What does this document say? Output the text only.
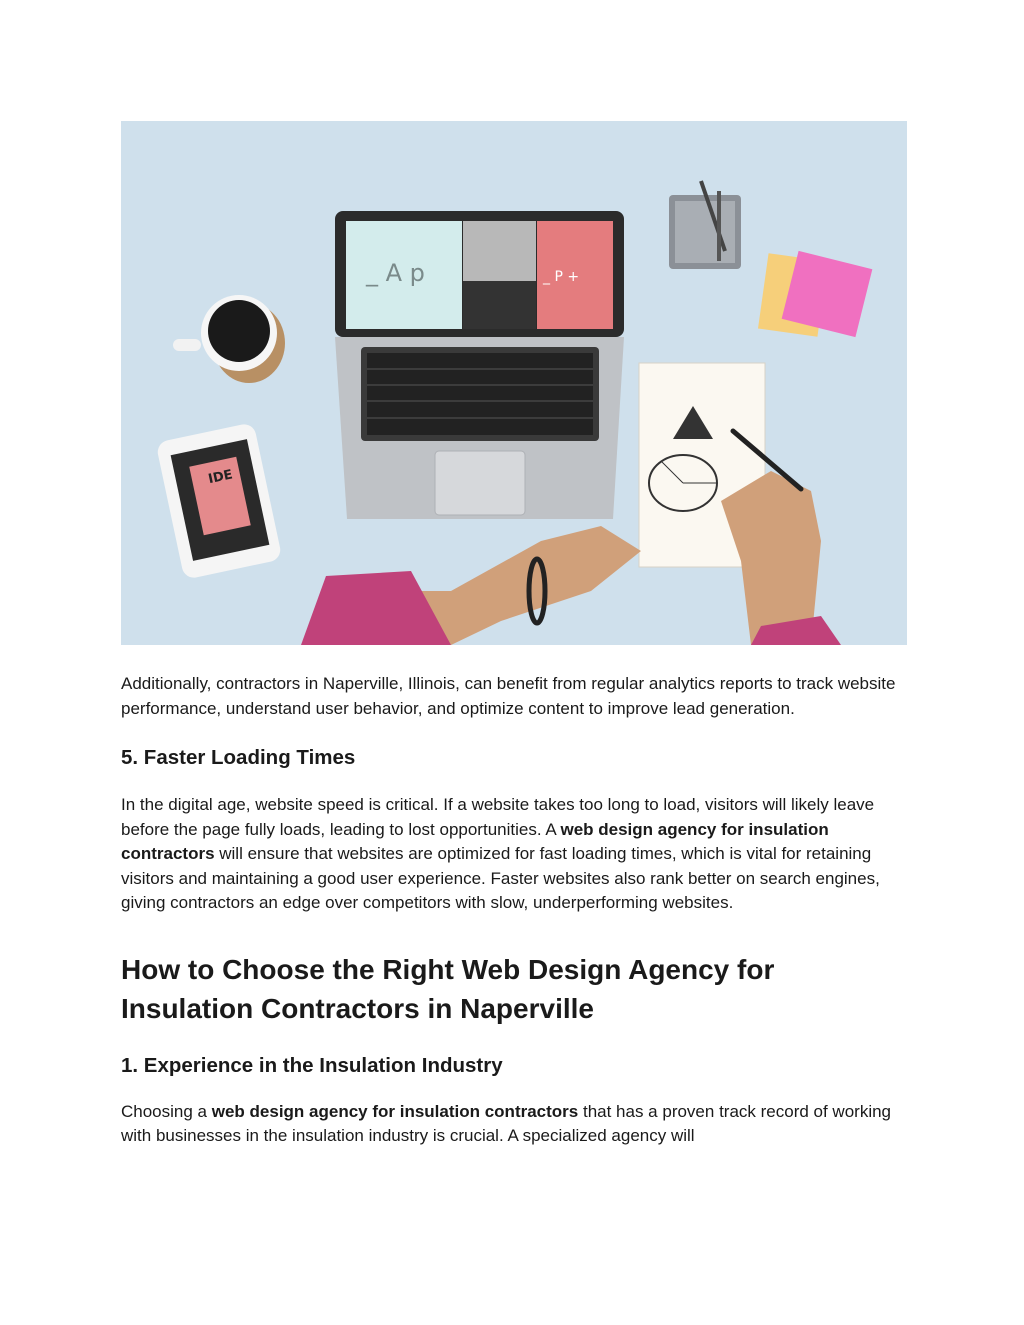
_ A p	_ P +
IDE

Additionally, contractors in Naperville, Illinois, can benefit from regular analytics reports to track website performance, understand user behavior, and optimize content to improve lead generation.

5. Faster Loading Times

In the digital age, website speed is critical. If a website takes too long to load, visitors will likely leave before the page fully loads, leading to lost opportunities. A web design agency for insulation contractors will ensure that websites are optimized for fast loading times, which is vital for retaining visitors and maintaining a good user experience. Faster websites also rank better on search engines, giving contractors an edge over competitors with slow, underperforming websites.

How to Choose the Right Web Design Agency for Insulation Contractors in Naperville
1. Experience in the Insulation Industry

Choosing a web design agency for insulation contractors that has a proven track record of working with businesses in the insulation industry is crucial. A specialized agency will
